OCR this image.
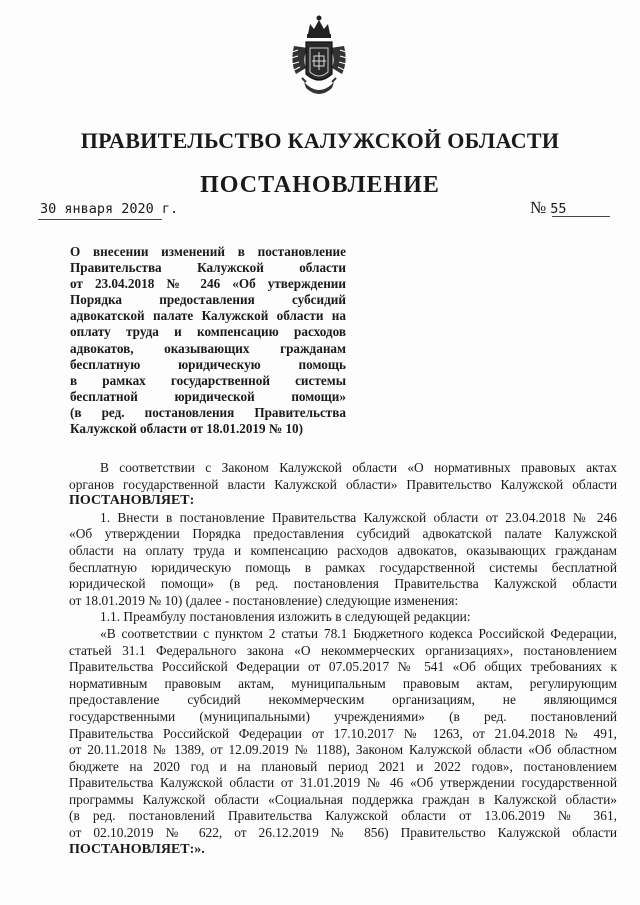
ПРАВИТЕЛЬСТВО КАЛУЖСКОЙ ОБЛАСТИ
ПОСТАНОВЛЕНИЕ
30 января 2020 г.	№ 55
О внесении изменений в постановление
Правительства Калужской области
от 23.04.2018 № 246 «Об утверждении
Порядка предоставления субсидий
адвокатской палате Калужской области на
оплату труда и компенсацию расходов
адвокатов, оказывающих гражданам
бесплатную юридическую помощь
в рамках государственной системы
бесплатной юридической помощи»
(в ред. постановления Правительства
Калужской области от 18.01.2019 № 10)
В соответствии с Законом Калужской области «О нормативных правовых актах
органов государственной власти Калужской области» Правительство Калужской области
ПОСТАНОВЛЯЕТ:
1. Внести в постановление Правительства Калужской области от 23.04.2018 № 246
«Об утверждении Порядка предоставления субсидий адвокатской палате Калужской
области на оплату труда и компенсацию расходов адвокатов, оказывающих гражданам
бесплатную юридическую помощь в рамках государственной системы бесплатной
юридической помощи» (в ред. постановления Правительства Калужской области
от 18.01.2019 № 10) (далее - постановление) следующие изменения:
1.1. Преамбулу постановления изложить в следующей редакции:
«В соответствии с пунктом 2 статьи 78.1 Бюджетного кодекса Российской Федерации,
статьей 31.1 Федерального закона «О некоммерческих организациях», постановлением
Правительства Российской Федерации от 07.05.2017 № 541 «Об общих требованиях к
нормативным правовым актам, муниципальным правовым актам, регулирующим
предоставление субсидий некоммерческим организациям, не являющимся
государственными (муниципальными) учреждениями» (в ред. постановлений
Правительства Российской Федерации от 17.10.2017 № 1263, от 21.04.2018 № 491,
от 20.11.2018 № 1389, от 12.09.2019 № 1188), Законом Калужской области «Об областном
бюджете на 2020 год и на плановый период 2021 и 2022 годов», постановлением
Правительства Калужской области от 31.01.2019 № 46 «Об утверждении государственной
программы Калужской области «Социальная поддержка граждан в Калужской области»
(в ред. постановлений Правительства Калужской области от 13.06.2019 № 361,
от 02.10.2019 № 622, от 26.12.2019 № 856) Правительство Калужской области
ПОСТАНОВЛЯЕТ:».
